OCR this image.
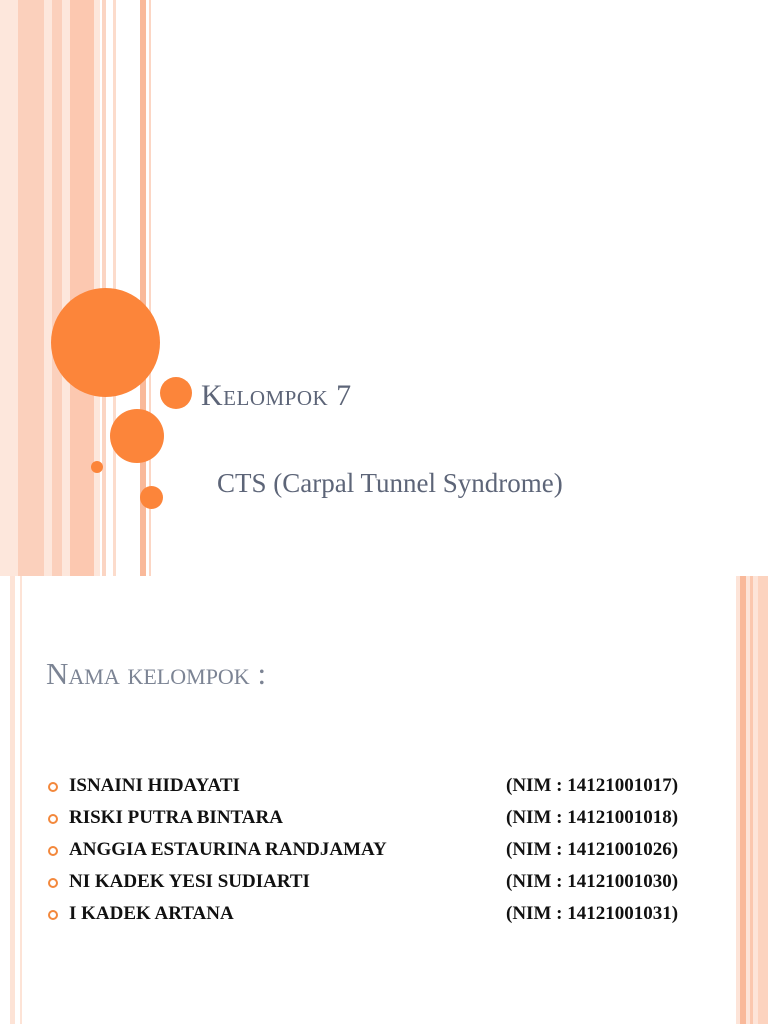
Kelompok 7
CTS (Carpal Tunnel Syndrome)
Nama kelompok :
ISNAINI HIDAYATI	(NIM : 14121001017)
RISKI PUTRA BINTARA	(NIM : 14121001018)
ANGGIA ESTAURINA RANDJAMAY	(NIM : 14121001026)
NI KADEK YESI SUDIARTI	(NIM : 14121001030)
I KADEK ARTANA	(NIM : 14121001031)
